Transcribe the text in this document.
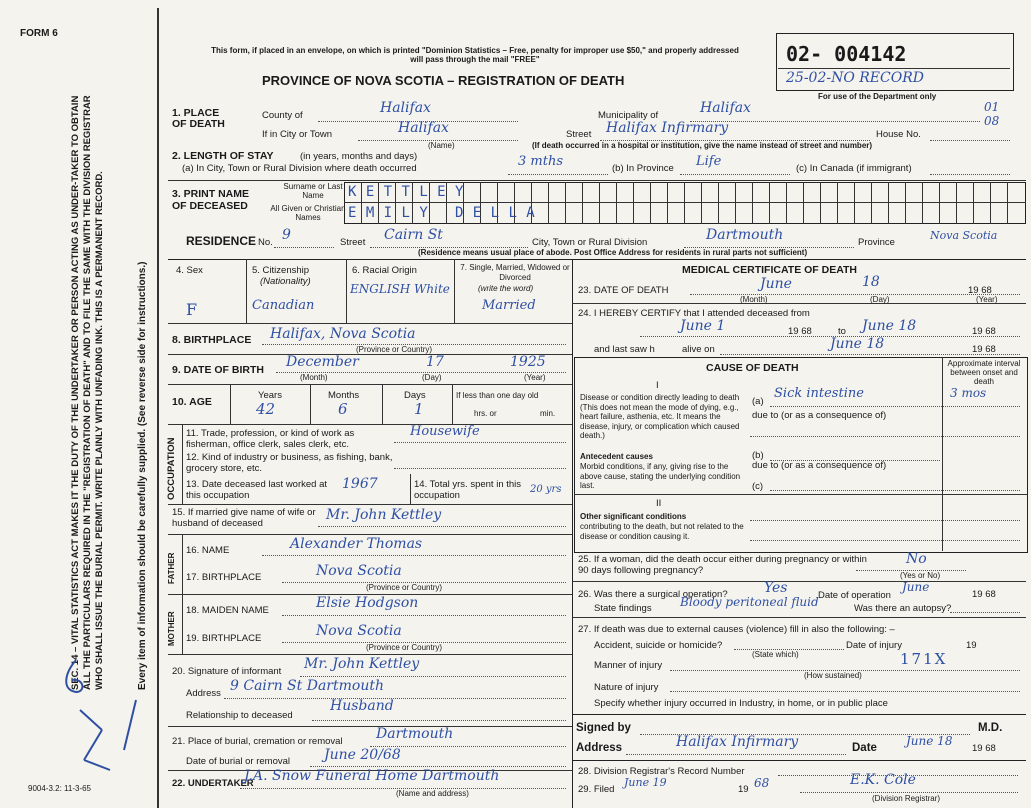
FORM 6
SEC. 14 – VITAL STATISTICS ACT MAKES IT THE DUTY OF THE UNDERTAKER OR PERSON ACTING AS UNDER-TAKER TO OBTAIN ALL THE PARTICULARS REQUIRED IN THE "REGISTRATION OF DEATH" AND TO FILE THE SAME WITH THE DIVISION REGISTRAR WHO SHALL ISSUE THE BURIAL PERMIT. WRITE PLAINLY WITH UNFADING INK. THIS IS A PERMANENT RECORD.	Every item of information should be carefully supplied. (See reverse side for instructions.)
9004-3.2: 11-3-65
This form, if placed in an envelope, on which is printed "Dominion Statistics – Free, penalty for improper use $50," and properly addressed will pass through the mail "FREE"
PROVINCE OF NOVA SCOTIA – REGISTRATION OF DEATH
02- 004142
25-02-NO RECORD
For use of the Department only
01 08
1. PLACE OF DEATH
County of	Halifax	Municipality of	Halifax
If in City or Town	Halifax
(Name)
Street Halifax Infirmary	House No.
(If death occurred in a hospital or institution, give the name instead of street and number)
2. LENGTH OF STAY	(in years, months and days)
(a) In City, Town or Rural Division where death occurred	3 mths	(b) In Province Life	(c) In Canada (if immigrant)
3. PRINT NAME OF DECEASED
Surname or Last Name
All Given or Christian Names
KETTLEY
EMILY DELLA
RESIDENCE No. 9	Street Cairn St	City, Town or Rural Division	Dartmouth	Province
Nova Scotia
(Residence means usual place of abode. Post Office Address for residents in rural parts not sufficient)
4. Sex
F
5. Citizenship
(Nationality)
Canadian
6. Racial Origin
ENGLISH White
7. Single, Married, Widowed or Divorced
(write the word)
Married
8. BIRTHPLACE Halifax, Nova Scotia
(Province or Country)
9. DATE OF BIRTH December	17	1925
(Month)	(Day)	(Year)
10. AGE
Years	Months	Days	If less than one day old
hrs. or	min.
42	6	1
OCCUPATION
11. Trade, profession, or kind of work as fisherman, office clerk, sales clerk, etc.
Housewife
12. Kind of industry or business, as fishing, bank, grocery store, etc.
13. Date deceased last worked at this occupation
1967	14. Total yrs. spent in this occupation
20 yrs
15. If married give name of wife or husband of deceased
Mr. John Kettley
FATHER
16. NAME	Alexander Thomas
17. BIRTHPLACE	Nova Scotia
(Province or Country)
MOTHER
18. MAIDEN NAME	Elsie Hodgson
19. BIRTHPLACE	Nova Scotia
(Province or Country)
20. Signature of informant Mr. John Kettley
Address 9 Cairn St Dartmouth
Relationship to deceased
Husband
21. Place of burial, cremation or removal Dartmouth
Date of burial or removal June 20/68
22. UNDERTAKER
J.A. Snow Funeral Home Dartmouth
(Name and address)
MEDICAL CERTIFICATE OF DEATH
23. DATE OF DEATH	June	18
19 68
(Month)	(Day)	(Year)
24. I HEREBY CERTIFY that I attended deceased from
June 1	19 68	to June 18	19 68
and last saw h	alive on	June 18	19 68
CAUSE OF DEATH	Approximate interval between onset and death
I
Disease or condition directly leading to death (This does not mean the mode of dying, e.g., heart failure, asthenia, etc. It means the disease, injury, or complication which caused death.)
(a)
Sick intestine	3 mos
due to (or as a consequence of)
(b)
due to (or as a consequence of)
(c)
Antecedent causes
Morbid conditions, if any, giving rise to the above cause, stating the underlying condition last.
II
Other significant conditions
contributing to the death, but not related to the disease or condition causing it.
25. If a woman, did the death occur either during pregnancy or within 90 days following pregnancy?
No
(Yes or No)
26. Was there a surgical operation?	Yes	Date of operation
June
19 68
State findings Bloody peritoneal fluid	Was there an autopsy?
27. If death was due to external causes (violence) fill in also the following: –
Accident, suicide or homicide?
(State which)
Date of injury	19
Manner of injury	171X
(How sustained)
Nature of injury
Specify whether injury occurred in Industry, in home, or in public place
Signed by	M.D.
Address	Halifax Infirmary	Date June 18
19 68
28. Division Registrar's Record Number
29. Filed
June 19
19 68	E.K. Cole
(Division Registrar)
